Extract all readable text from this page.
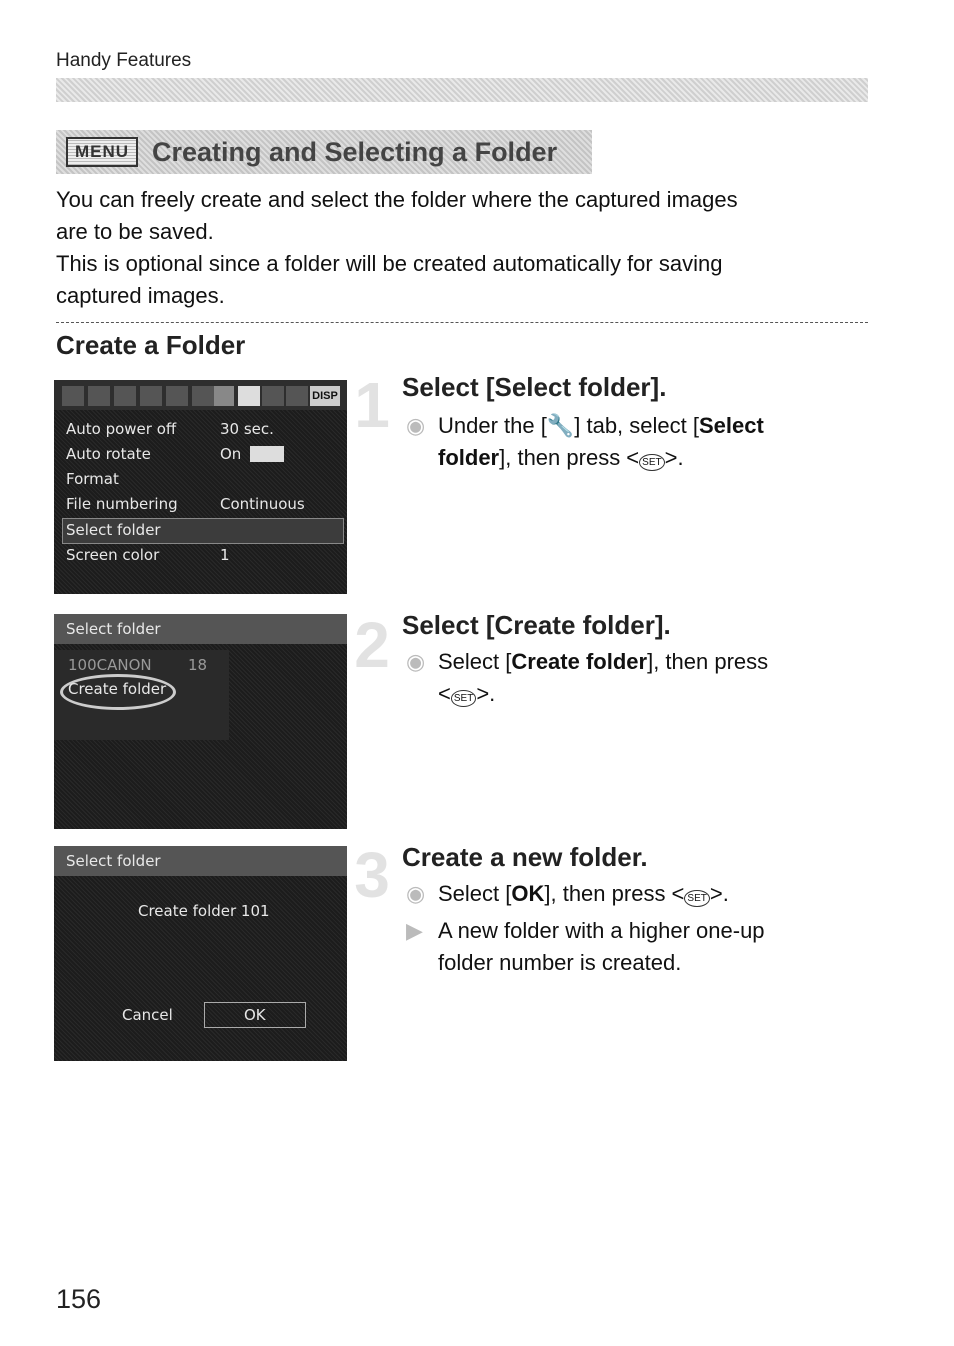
Handy Features
MENU Creating and Selecting a Folder
You can freely create and select the folder where the captured images
are to be saved.
This is optional since a folder will be created automatically for saving
captured images.
Create a Folder
DISP
Auto power off	30 sec.
Auto rotate	On
Format
File numbering	Continuous
Select folder
Screen color	1
Select folder
100CANON 18
Create folder
Select folder
Create folder 101
Cancel	OK
1
2
3
Select [Select folder].
◉ Under the [🔧] tab, select [Select
folder], then press < SET >.
Select [Create folder].
◉ Select [Create folder], then press
< SET >.
Create a new folder.
◉ Select [OK], then press < SET >.
▶ A new folder with a higher one-up
folder number is created.
156
